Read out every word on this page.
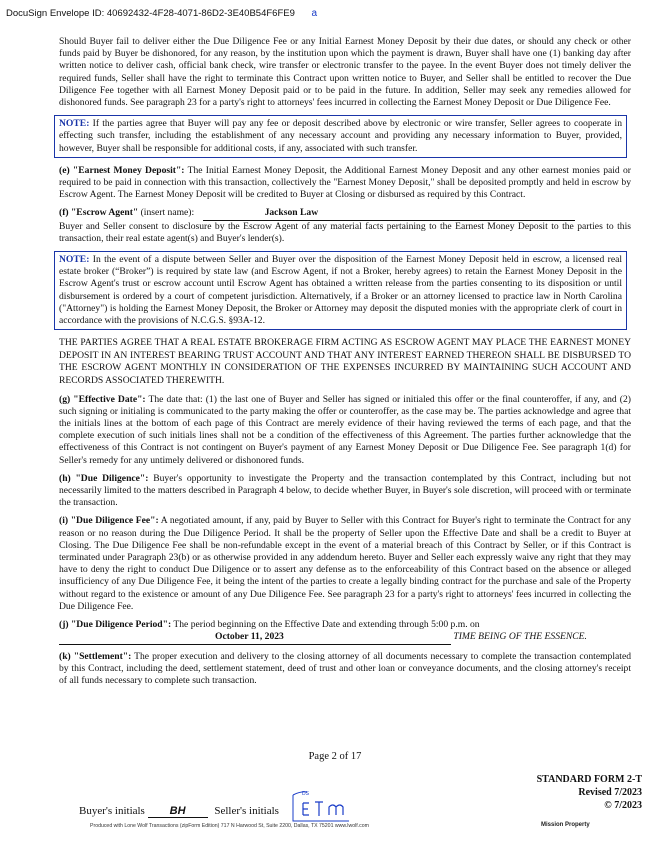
DocuSign Envelope ID: 40692432-4F28-4071-86D2-3E40B54F6FE9 a

Should Buyer fail to deliver either the Due Diligence Fee or any Initial Earnest Money Deposit by their due dates, or should any check or other funds paid by Buyer be dishonored, for any reason, by the institution upon which the payment is drawn, Buyer shall have one (1) banking day after written notice to deliver cash, official bank check, wire transfer or electronic transfer to the payee. In the event Buyer does not timely deliver the required funds, Seller shall have the right to terminate this Contract upon written notice to Buyer, and Seller shall be entitled to recover the Due Diligence Fee together with all Earnest Money Deposit paid or to be paid in the future. In addition, Seller may seek any remedies allowed for dishonored funds. See paragraph 23 for a party's right to attorneys' fees incurred in collecting the Earnest Money Deposit or Due Diligence Fee.

NOTE: If the parties agree that Buyer will pay any fee or deposit described above by electronic or wire transfer, Seller agrees to cooperate in effecting such transfer, including the establishment of any necessary account and providing any necessary information to Buyer, provided, however, Buyer shall be responsible for additional costs, if any, associated with such transfer.

(e) "Earnest Money Deposit": The Initial Earnest Money Deposit, the Additional Earnest Money Deposit and any other earnest monies paid or required to be paid in connection with this transaction, collectively the "Earnest Money Deposit," shall be deposited promptly and held in escrow by Escrow Agent. The Earnest Money Deposit will be credited to Buyer at Closing or disbursed as required by this Contract.

(f) "Escrow Agent" (insert name):	Jackson Law
Buyer and Seller consent to disclosure by the Escrow Agent of any material facts pertaining to the Earnest Money Deposit to the parties to this transaction, their real estate agent(s) and Buyer's lender(s).

NOTE: In the event of a dispute between Seller and Buyer over the disposition of the Earnest Money Deposit held in escrow, a licensed real estate broker (“Broker”) is required by state law (and Escrow Agent, if not a Broker, hereby agrees) to retain the Earnest Money Deposit in the Escrow Agent's trust or escrow account until Escrow Agent has obtained a written release from the parties consenting to its disposition or until disbursement is ordered by a court of competent jurisdiction. Alternatively, if a Broker or an attorney licensed to practice law in North Carolina ("Attorney") is holding the Earnest Money Deposit, the Broker or Attorney may deposit the disputed monies with the appropriate clerk of court in accordance with the provisions of N.C.G.S. §93A-12.

THE PARTIES AGREE THAT A REAL ESTATE BROKERAGE FIRM ACTING AS ESCROW AGENT MAY PLACE THE EARNEST MONEY DEPOSIT IN AN INTEREST BEARING TRUST ACCOUNT AND THAT ANY INTEREST EARNED THEREON SHALL BE DISBURSED TO THE ESCROW AGENT MONTHLY IN CONSIDERATION OF THE EXPENSES INCURRED BY MAINTAINING SUCH ACCOUNT AND RECORDS ASSOCIATED THEREWITH.

(g) "Effective Date": The date that: (1) the last one of Buyer and Seller has signed or initialed this offer or the final counteroffer, if any, and (2) such signing or initialing is communicated to the party making the offer or counteroffer, as the case may be. The parties acknowledge and agree that the initials lines at the bottom of each page of this Contract are merely evidence of their having reviewed the terms of each page, and that the complete execution of such initials lines shall not be a condition of the effectiveness of this Agreement. The parties further acknowledge that the effectiveness of this Contract is not contingent on Buyer's payment of any Earnest Money Deposit or Due Diligence Fee. See paragraph 1(d) for Seller's remedy for any untimely delivered or dishonored funds.

(h) "Due Diligence": Buyer's opportunity to investigate the Property and the transaction contemplated by this Contract, including but not necessarily limited to the matters described in Paragraph 4 below, to decide whether Buyer, in Buyer's sole discretion, will proceed with or terminate the transaction.

(i) "Due Diligence Fee": A negotiated amount, if any, paid by Buyer to Seller with this Contract for Buyer's right to terminate the Contract for any reason or no reason during the Due Diligence Period. It shall be the property of Seller upon the Effective Date and shall be a credit to Buyer at Closing. The Due Diligence Fee shall be non-refundable except in the event of a material breach of this Contract by Seller, or if this Contract is terminated under Paragraph 23(b) or as otherwise provided in any addendum hereto. Buyer and Seller each expressly waive any right that they may have to deny the right to conduct Due Diligence or to assert any defense as to the enforceability of this Contract based on the absence or alleged insufficiency of any Due Diligence Fee, it being the intent of the parties to create a legally binding contract for the purchase and sale of the Property without regard to the existence or amount of any Due Diligence Fee. See paragraph 23 for a party's right to attorneys' fees incurred in collecting the Due Diligence Fee.

(j) "Due Diligence Period": The period beginning on the Effective Date and extending through 5:00 p.m. on
October 11, 2023	TIME BEING OF THE ESSENCE.

(k) "Settlement": The proper execution and delivery to the closing attorney of all documents necessary to complete the transaction contemplated by this Contract, including the deed, settlement statement, deed of trust and other loan or conveyance documents, and the closing attorney's receipt of all funds necessary to complete such transaction.

Page 2 of 17
STANDARD FORM 2-T
Revised 7/2023
© 7/2023
Buyer's initials BH	Seller's initials
DS
Produced with Lone Wolf Transactions (zipForm Edition) 717 N Harwood St, Suite 2200, Dallas, TX 75201 www.lwolf.com	Mission Property
